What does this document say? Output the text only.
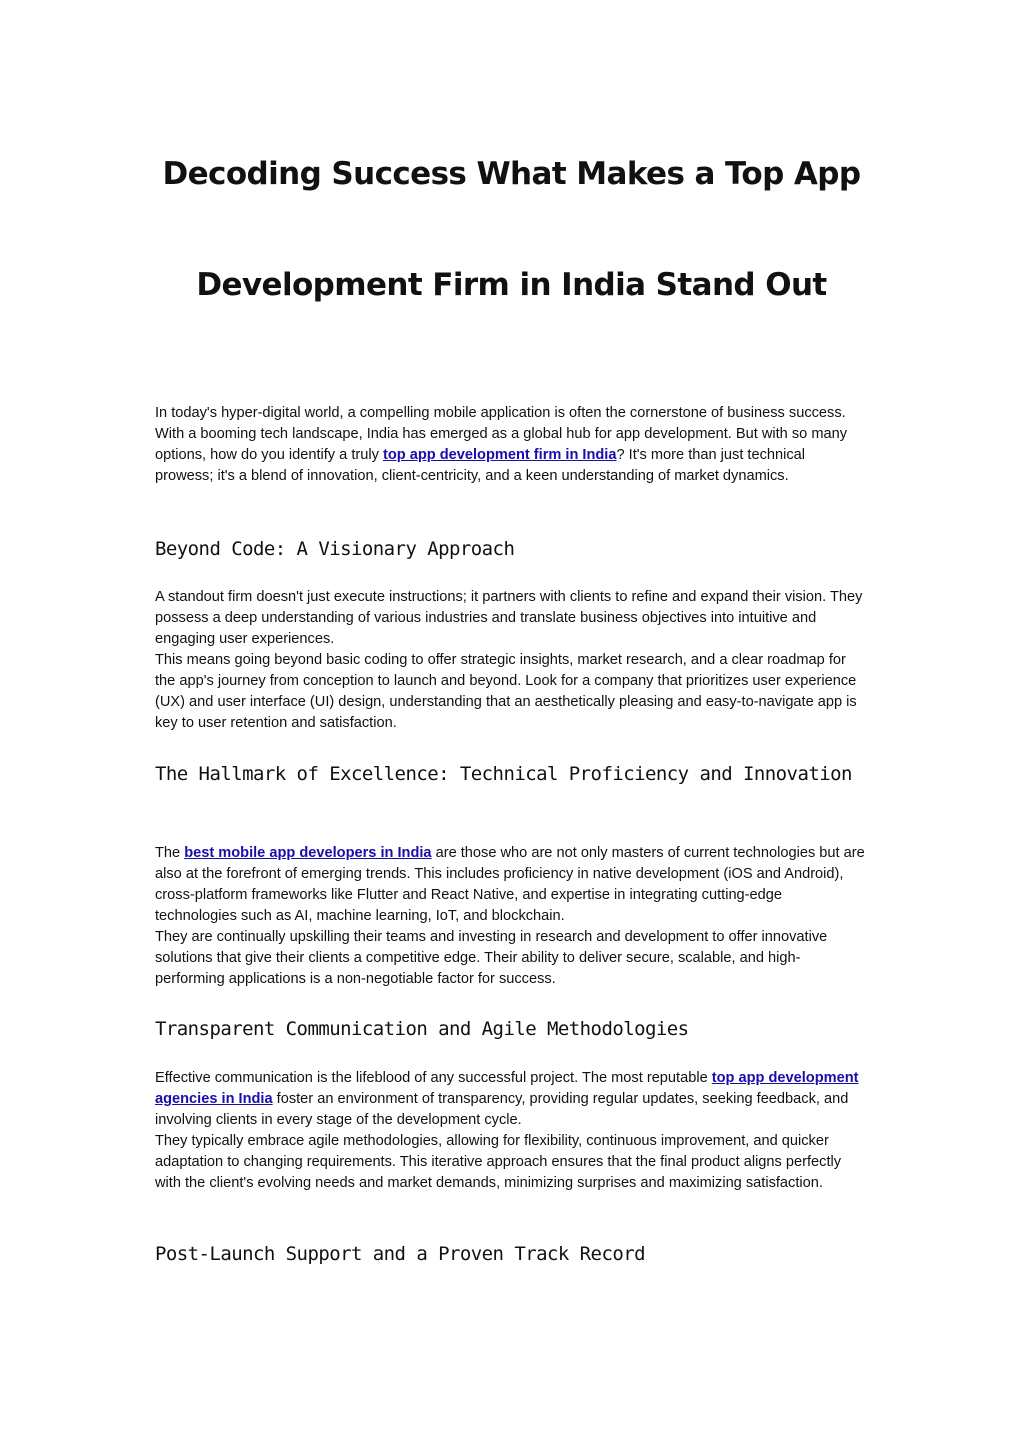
Decoding Success What Makes a Top App
Development Firm in India Stand Out

In today's hyper-digital world, a compelling mobile application is often the cornerstone of business success. With a booming tech landscape, India has emerged as a global hub for app development. But with so many options, how do you identify a truly top app development firm in India? It's more than just technical prowess; it's a blend of innovation, client-centricity, and a keen understanding of market dynamics.

Beyond Code: A Visionary Approach

A standout firm doesn't just execute instructions; it partners with clients to refine and expand their vision. They possess a deep understanding of various industries and translate business objectives into intuitive and engaging user experiences.

This means going beyond basic coding to offer strategic insights, market research, and a clear roadmap for the app's journey from conception to launch and beyond. Look for a company that prioritizes user experience (UX) and user interface (UI) design, understanding that an aesthetically pleasing and easy-to-navigate app is key to user retention and satisfaction.

The Hallmark of Excellence: Technical Proficiency and Innovation

The best mobile app developers in India are those who are not only masters of current technologies but are also at the forefront of emerging trends. This includes proficiency in native development (iOS and Android), cross-platform frameworks like Flutter and React Native, and expertise in integrating cutting-edge technologies such as AI, machine learning, IoT, and blockchain.

They are continually upskilling their teams and investing in research and development to offer innovative solutions that give their clients a competitive edge. Their ability to deliver secure, scalable, and high-performing applications is a non-negotiable factor for success.

Transparent Communication and Agile Methodologies

Effective communication is the lifeblood of any successful project. The most reputable top app development agencies in India foster an environment of transparency, providing regular updates, seeking feedback, and involving clients in every stage of the development cycle.

They typically embrace agile methodologies, allowing for flexibility, continuous improvement, and quicker adaptation to changing requirements. This iterative approach ensures that the final product aligns perfectly with the client's evolving needs and market demands, minimizing surprises and maximizing satisfaction.

Post-Launch Support and a Proven Track Record
